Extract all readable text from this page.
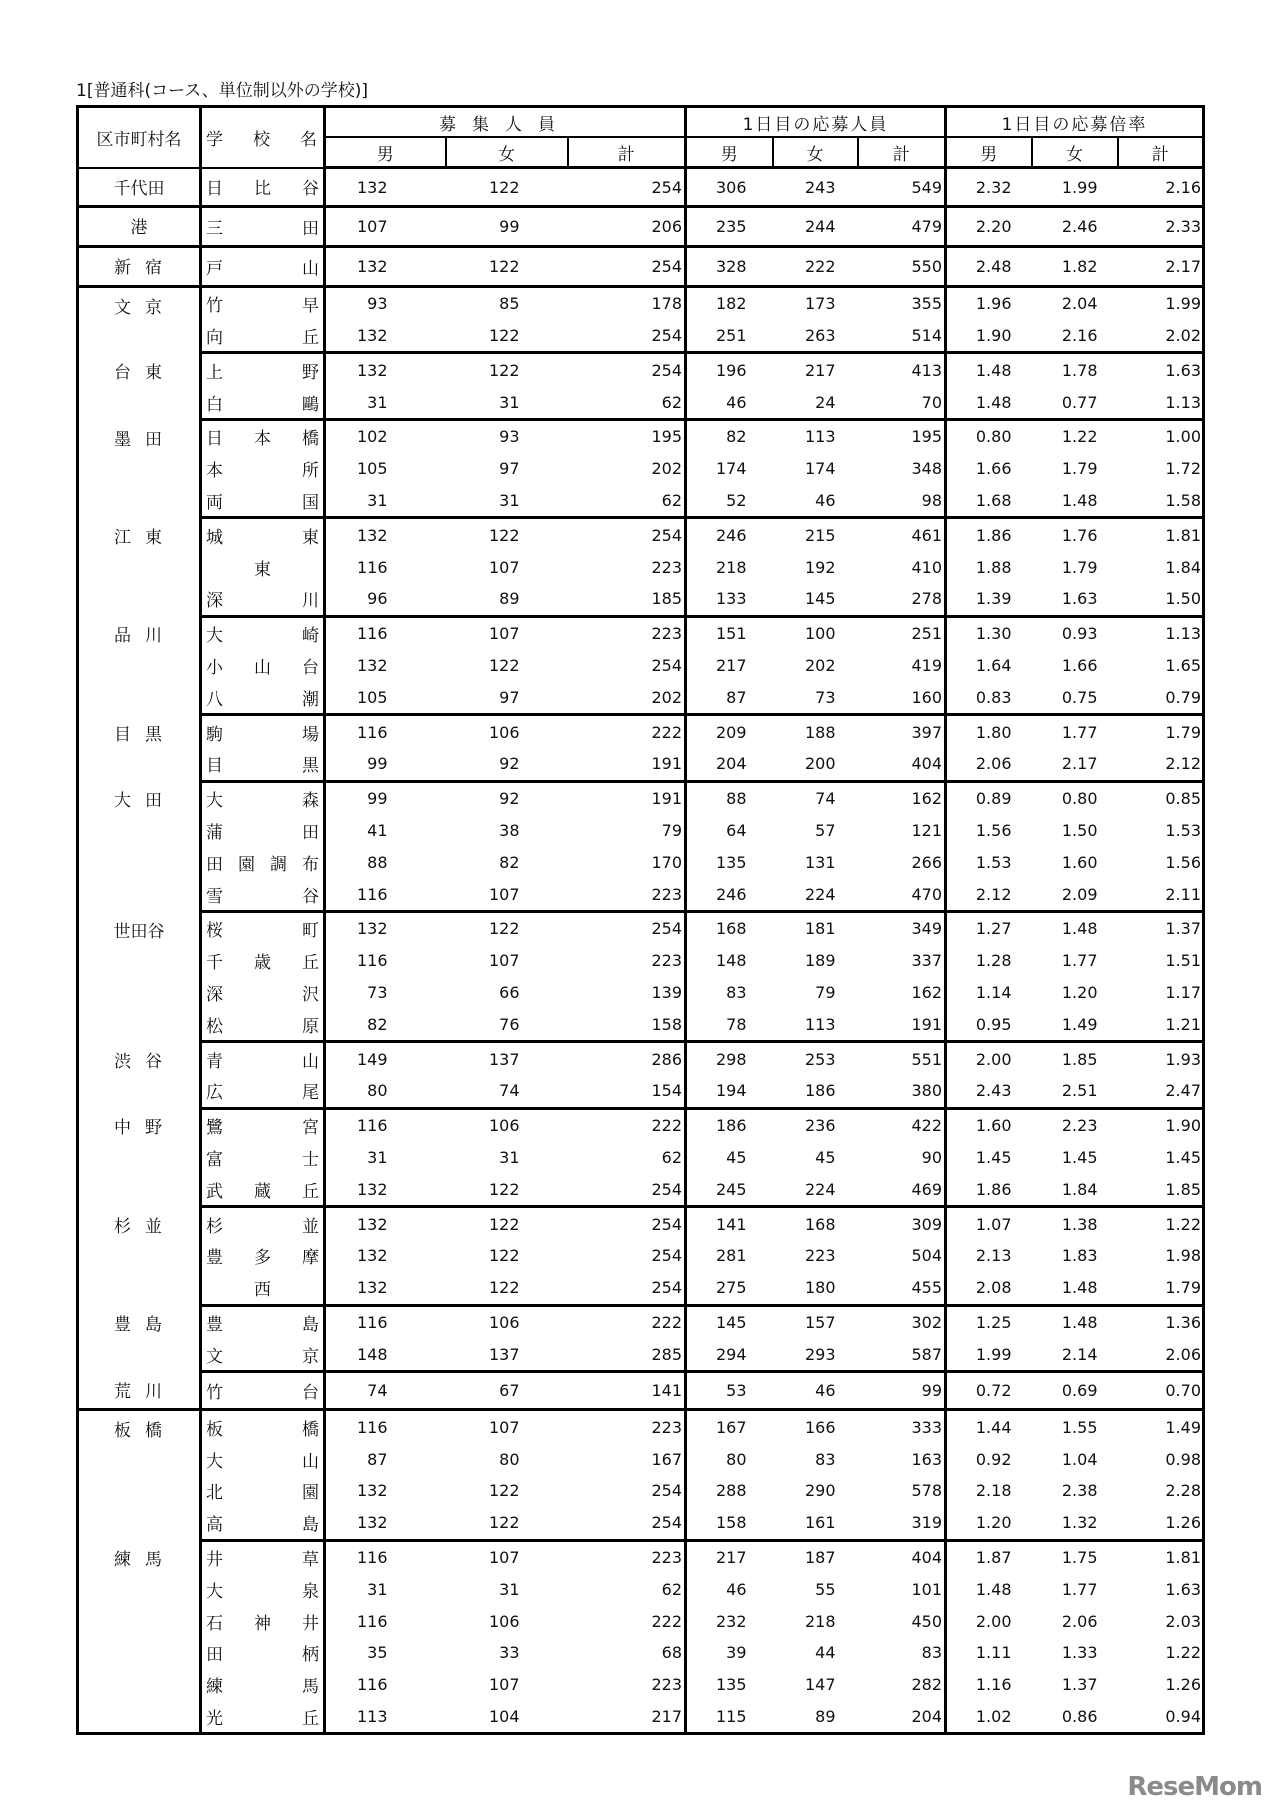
1[普通科(コース、単位制以外の学校)]
区市町村名	学校名	募集人員			1日目の応募人員			1日目の応募倍率		
		男	女	計	男	女	計	男	女	計
千代田	日比谷	132	122	254	306	243	549	2.32	1.99	2.16
港	三田	107	99	206	235	244	479	2.20	2.46	2.33
新宿	戸山	132	122	254	328	222	550	2.48	1.82	2.17
文京	竹早	93	85	178	182	173	355	1.96	2.04	1.99

	向丘	132	122	254	251	263	514	1.90	2.16	2.02
台東	上野	132	122	254	196	217	413	1.48	1.78	1.63

	白鷗	31	31	62	46	24	70	1.48	0.77	1.13
墨田	日本橋	102	93	195	82	113	195	0.80	1.22	1.00

	本所	105	97	202	174	174	348	1.66	1.79	1.72

	両国	31	31	62	52	46	98	1.68	1.48	1.58
江東	城東	132	122	254	246	215	461	1.86	1.76	1.81

	東	116	107	223	218	192	410	1.88	1.79	1.84

	深川	96	89	185	133	145	278	1.39	1.63	1.50
品川	大崎	116	107	223	151	100	251	1.30	0.93	1.13

	小山台	132	122	254	217	202	419	1.64	1.66	1.65

	八潮	105	97	202	87	73	160	0.83	0.75	0.79
目黒	駒場	116	106	222	209	188	397	1.80	1.77	1.79

	目黒	99	92	191	204	200	404	2.06	2.17	2.12
大田	大森	99	92	191	88	74	162	0.89	0.80	0.85

	蒲田	41	38	79	64	57	121	1.56	1.50	1.53

	田園調布	88	82	170	135	131	266	1.53	1.60	1.56

	雪谷	116	107	223	246	224	470	2.12	2.09	2.11
世田谷	桜町	132	122	254	168	181	349	1.27	1.48	1.37

	千歳丘	116	107	223	148	189	337	1.28	1.77	1.51

	深沢	73	66	139	83	79	162	1.14	1.20	1.17

	松原	82	76	158	78	113	191	0.95	1.49	1.21
渋谷	青山	149	137	286	298	253	551	2.00	1.85	1.93

	広尾	80	74	154	194	186	380	2.43	2.51	2.47
中野	鷺宮	116	106	222	186	236	422	1.60	2.23	1.90

	富士	31	31	62	45	45	90	1.45	1.45	1.45

	武蔵丘	132	122	254	245	224	469	1.86	1.84	1.85
杉並	杉並	132	122	254	141	168	309	1.07	1.38	1.22

	豊多摩	132	122	254	281	223	504	2.13	1.83	1.98

	西	132	122	254	275	180	455	2.08	1.48	1.79
豊島	豊島	116	106	222	145	157	302	1.25	1.48	1.36

	文京	148	137	285	294	293	587	1.99	2.14	2.06
荒川	竹台	74	67	141	53	46	99	0.72	0.69	0.70
板橋	板橋	116	107	223	167	166	333	1.44	1.55	1.49

	大山	87	80	167	80	83	163	0.92	1.04	0.98

	北園	132	122	254	288	290	578	2.18	2.38	2.28

	高島	132	122	254	158	161	319	1.20	1.32	1.26
練馬	井草	116	107	223	217	187	404	1.87	1.75	1.81

	大泉	31	31	62	46	55	101	1.48	1.77	1.63

	石神井	116	106	222	232	218	450	2.00	2.06	2.03

	田柄	35	33	68	39	44	83	1.11	1.33	1.22

	練馬	116	107	223	135	147	282	1.16	1.37	1.26

	光丘	113	104	217	115	89	204	1.02	0.86	0.94
ReseMom
